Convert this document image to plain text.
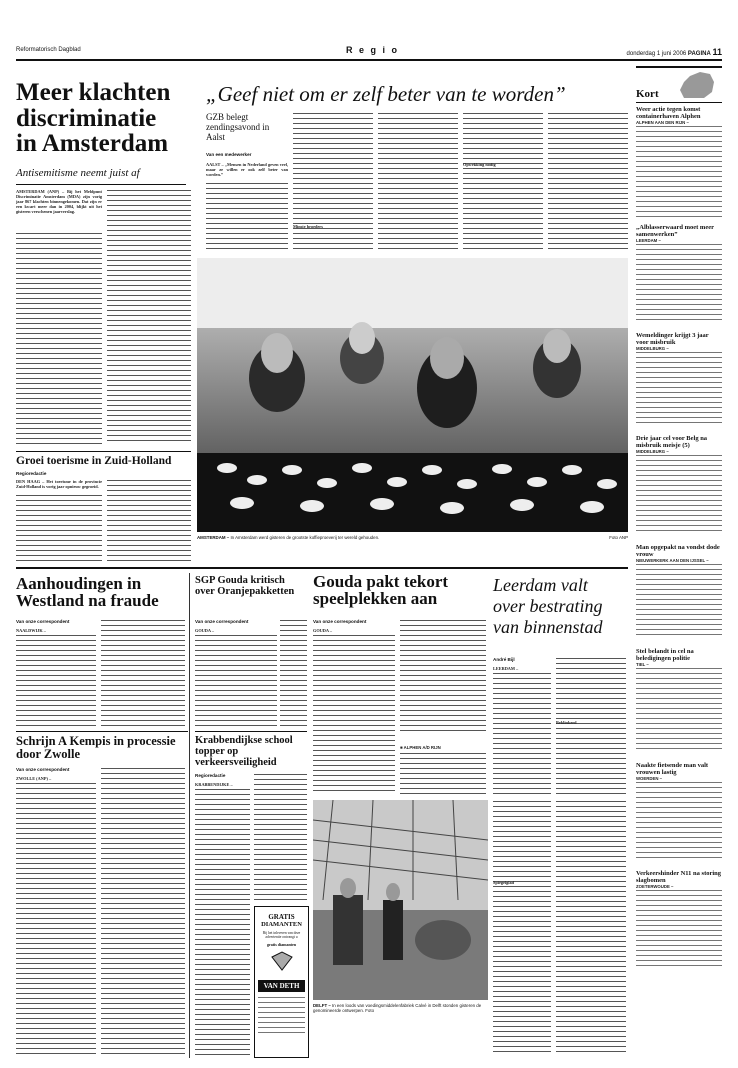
Reformatorisch Dagblad	R e g i o	donderdag 1 juni 2006 PAGINA 11
Meer klachten
discriminatie
in Amsterdam
Antisemitisme neemt juist af
AMSTERDAM (ANP) – Bij het Meldpunt Discriminatie Amsterdam (MDA) zijn vorig jaar 867 klachten binnengekomen. Dat zijn er een kwart meer dan in 2004, blijkt uit het gisteren verschenen jaarverslag.
„Geef niet om er zelf beter van te worden”
GZB belegt zendingsavond in Aalst
Van een medewerker
AALST – „Mensen in Nederland geven veel, maar ze willen er ook zelf beter van worden.”
Minste broeders
Opwekking nodig
Kort
Weer actie tegen komst containerhaven Alphen
ALPHEN AAN DEN RIJN –
„Alblasserwaard moet meer samenwerken”
LEERDAM –
Wemeldinger krijgt 3 jaar voor misbruik
MIDDELBURG –
Drie jaar cel voor Belg na misbruik meisje (5)
MIDDELBURG –
Man opgepakt na vondst dode vrouw
NIEUWERKERK AAN DEN IJSSEL –
Stel belandt in cel na beledigingen politie
TIEL –
Naakte fietsende man valt vrouwen lastig
WOERDEN –
Verkeershinder N11 na storing slagbomen
ZOETERWOUDE –
AMSTERDAM – In Amsterdam werd gisteren de grootste koffieproeverij ter wereld gehouden.	Foto ANP
Groei toerisme in Zuid-Holland
Regioredactie
DEN HAAG – Het toerisme in de provincie Zuid-Holland is vorig jaar opnieuw gegroeid.
Aanhoudingen in
Westland na fraude
Van onze correspondent
NAALDWIJK –
Schrijn A Kempis in processie door Zwolle
Van onze correspondent
ZWOLLE (ANP) –
SGP Gouda kritisch over Oranjepakketten
Van onze correspondent
GOUDA –
Krabbendijkse school topper op verkeersveiligheid
Regioredactie
KRABBENDIJKE –
GRATIS
DIAMANTEN
Bij het inleveren van deze advertentie ontvangt u
gratis diamanten
VAN DETH
Gouda pakt tekort
speelplekken aan
Van onze correspondent
GOUDA –
■ ALPHEN A/D RIJN
Leerdam valt
over bestrating
van binnenstad
André Bijl
LEERDAM –
Beklinkerd
Spiegelglad
DELFT – In een loods van voedingsmiddelenfabriek Calvé in Delft stonden gisteren de genomineerde ontwerpen. Foto
